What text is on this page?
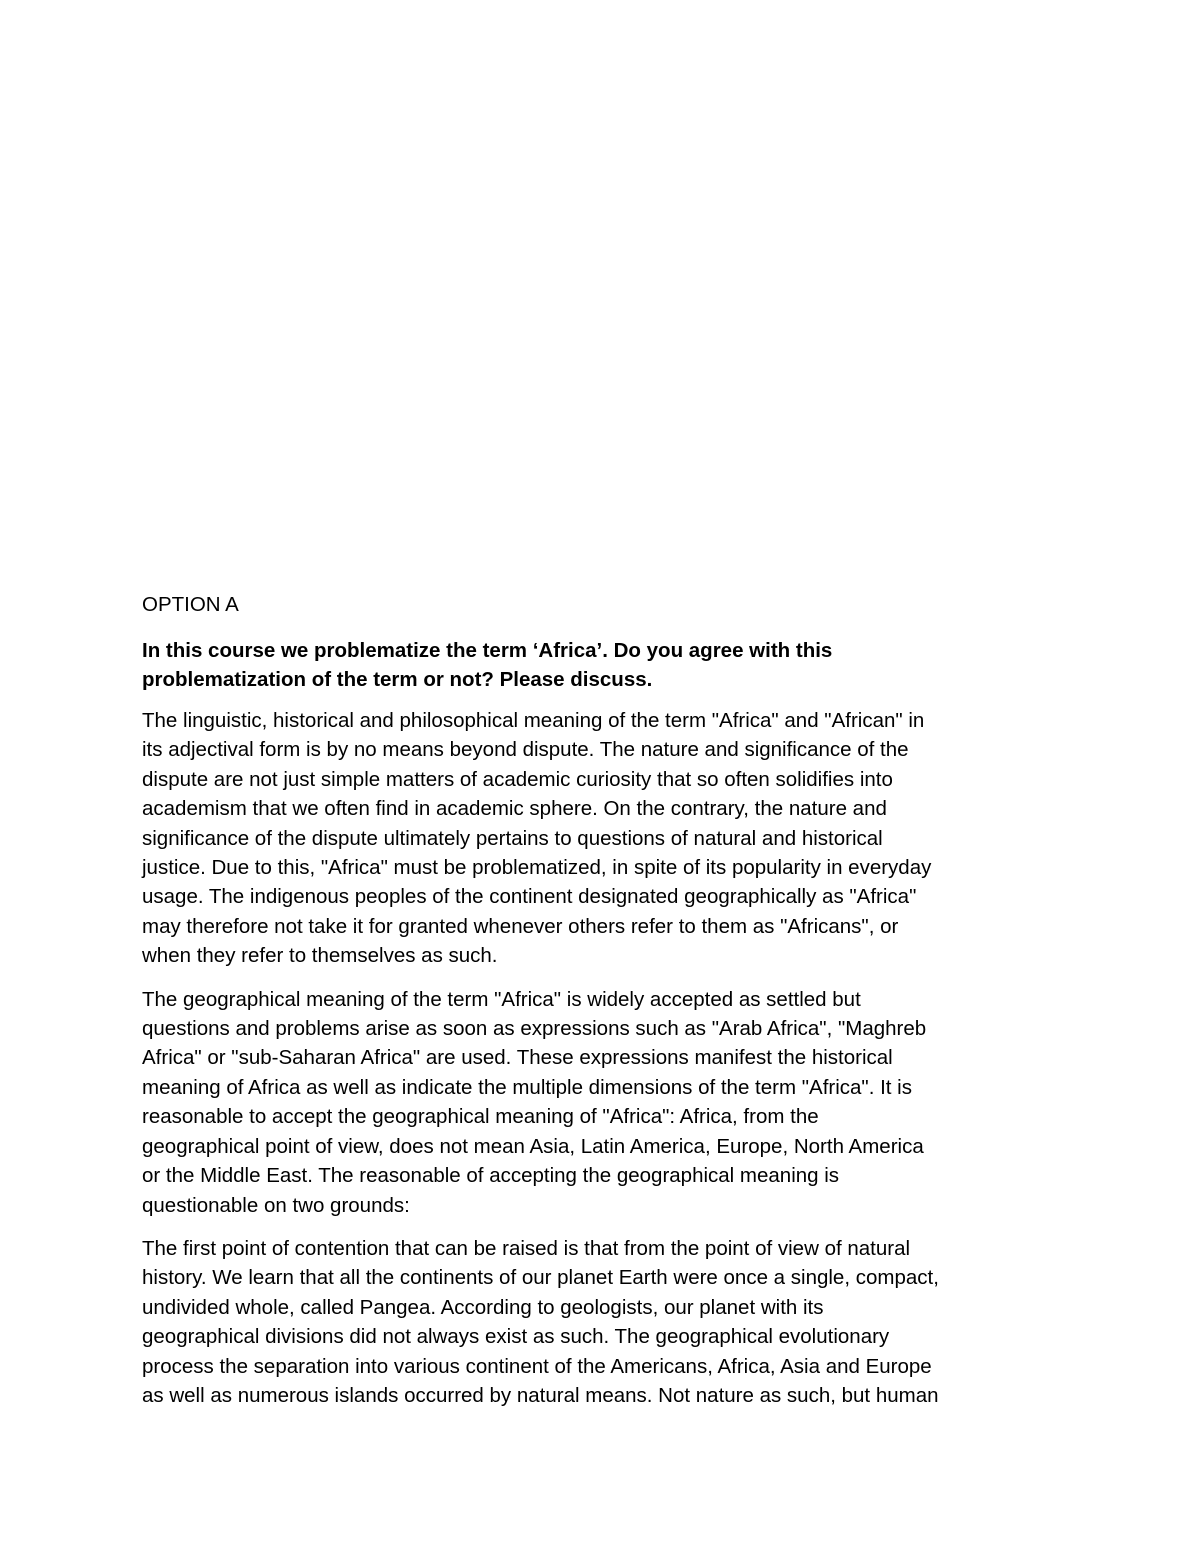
OPTION A
In this course we problematize the term ‘Africa’. Do you agree with this
problematization of the term or not? Please discuss.
The linguistic, historical and philosophical meaning of the term "Africa" and "African" in
its adjectival form is by no means beyond dispute. The nature and significance of the
dispute are not just simple matters of academic curiosity that so often solidifies into
academism that we often find in academic sphere. On the contrary, the nature and
significance of the dispute ultimately pertains to questions of natural and historical
justice. Due to this, "Africa" must be problematized, in spite of its popularity in everyday
usage. The indigenous peoples of the continent designated geographically as "Africa"
may therefore not take it for granted whenever others refer to them as "Africans", or
when they refer to themselves as such.
The geographical meaning of the term "Africa" is widely accepted as settled but
questions and problems arise as soon as expressions such as "Arab Africa", "Maghreb
Africa" or "sub-Saharan Africa" are used. These expressions manifest the historical
meaning of Africa as well as indicate the multiple dimensions of the term "Africa". It is
reasonable to accept the geographical meaning of "Africa": Africa, from the
geographical point of view, does not mean Asia, Latin America, Europe, North America
or the Middle East. The reasonable of accepting the geographical meaning is
questionable on two grounds:
The first point of contention that can be raised is that from the point of view of natural
history. We learn that all the continents of our planet Earth were once a single, compact,
undivided whole, called Pangea. According to geologists, our planet with its
geographical divisions did not always exist as such. The geographical evolutionary
process the separation into various continent of the Americans, Africa, Asia and Europe
as well as numerous islands occurred by natural means. Not nature as such, but human
